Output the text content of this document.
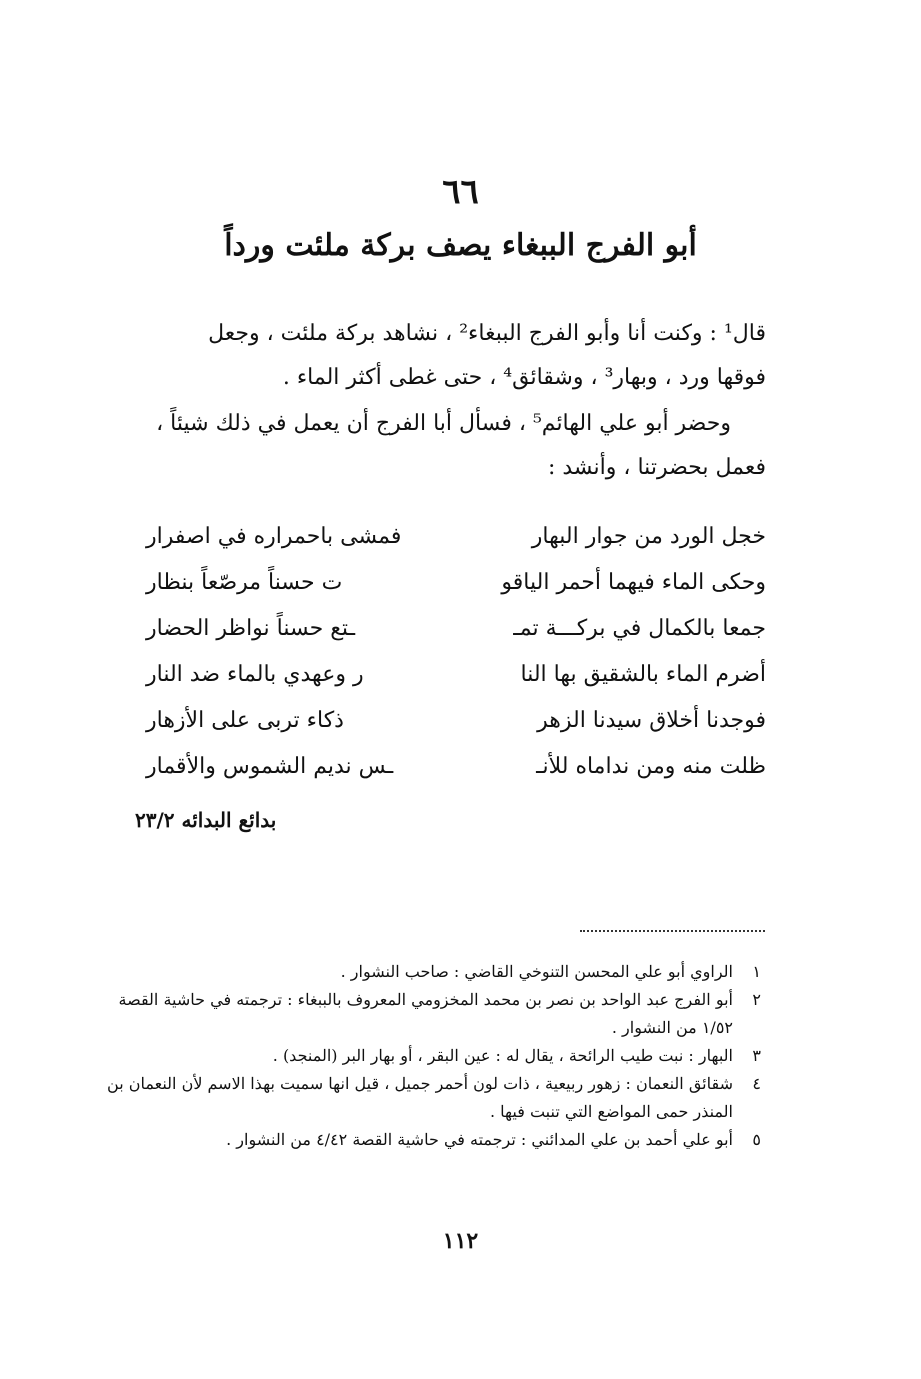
٦٦
أبو الفرج الببغاء يصف بركة ملئت ورداً
قال¹ : وكنت أنا وأبو الفرج الببغاء² ، نشاهد بركة ملئت ، وجعل
فوقها ورد ، وبهار³ ، وشقائق⁴ ، حتى غطى أكثر الماء .
وحضر أبو علي الهائم⁵ ، فسأل أبا الفرج أن يعمل في ذلك شيئاً ،
فعمل بحضرتنا ، وأنشد :
خجل الورد من جوار البهار
فمشى باحمراره في اصفرار
وحكى الماء فيهما أحمر الياقو
ت حسناً مرصّعاً بنظار
جمعا بالكمال في بركـــة تمـ
ـتع حسناً نواظر الحضار
أضرم الماء بالشقيق بها النا
ر وعهدي بالماء ضد النار
فوجدنا أخلاق سيدنا الزهر
ذكاء تربى على الأزهار
ظلت منه ومن نداماه للأنـ
ـس نديم الشموس والأقمار
بدائع البدائه ٢٣/٢
١
الراوي أبو علي المحسن التنوخي القاضي : صاحب النشوار .
٢
أبو الفرج عبد الواحد بن نصر بن محمد المخزومي المعروف بالببغاء : ترجمته في حاشية القصة ١/٥٢ من النشوار .
٣
البهار : نبت طيب الرائحة ، يقال له : عين البقر ، أو بهار البر (المنجد) .
٤
شقائق النعمان : زهور ربيعية ، ذات لون أحمر جميل ، قيل انها سميت بهذا الاسم لأن النعمان بن المنذر حمى المواضع التي تنبت فيها .
٥
أبو علي أحمد بن علي المدائني : ترجمته في حاشية القصة ٤/٤٢ من النشوار .
١١٢
